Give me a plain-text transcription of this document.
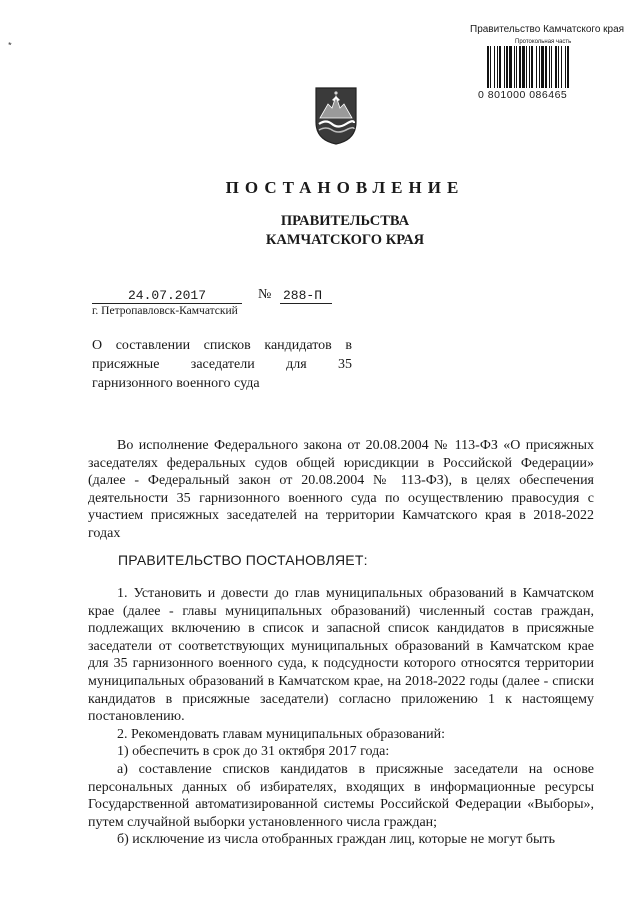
*
Правительство Камчатского края
Протокольная часть
0 801000 086465
ПОСТАНОВЛЕНИЕ
ПРАВИТЕЛЬСТВА
КАМЧАТСКОГО КРАЯ
24.07.2017	№ 288-П
г. Петропавловск-Камчатский
О составлении списков кандидатов в присяжные заседатели для 35 гарнизонного военного суда

Во исполнение Федерального закона от 20.08.2004 № 113-ФЗ «О присяжных заседателях федеральных судов общей юрисдикции в Российской Федерации» (далее - Федеральный закон от 20.08.2004 № 113-ФЗ), в целях обеспечения деятельности 35 гарнизонного военного суда по осуществлению правосудия с участием присяжных заседателей на территории Камчатского края в 2018-2022 годах

ПРАВИТЕЛЬСТВО ПОСТАНОВЛЯЕТ:

1. Установить и довести до глав муниципальных образований в Камчатском крае (далее - главы муниципальных образований) численный состав граждан, подлежащих включению в список и запасной список кандидатов в присяжные заседатели от соответствующих муниципальных образований в Камчатском крае для 35 гарнизонного военного суда, к подсудности которого относятся территории муниципальных образований в Камчатском крае, на 2018-2022 годы (далее - списки кандидатов в присяжные заседатели) согласно приложению 1 к настоящему постановлению.

2. Рекомендовать главам муниципальных образований:

1) обеспечить в срок до 31 октября 2017 года:

а) составление списков кандидатов в присяжные заседатели на основе персональных данных об избирателях, входящих в информационные ресурсы Государственной автоматизированной системы Российской Федерации «Выборы», путем случайной выборки установленного числа граждан;

б) исключение из числа отобранных граждан лиц, которые не могут быть
